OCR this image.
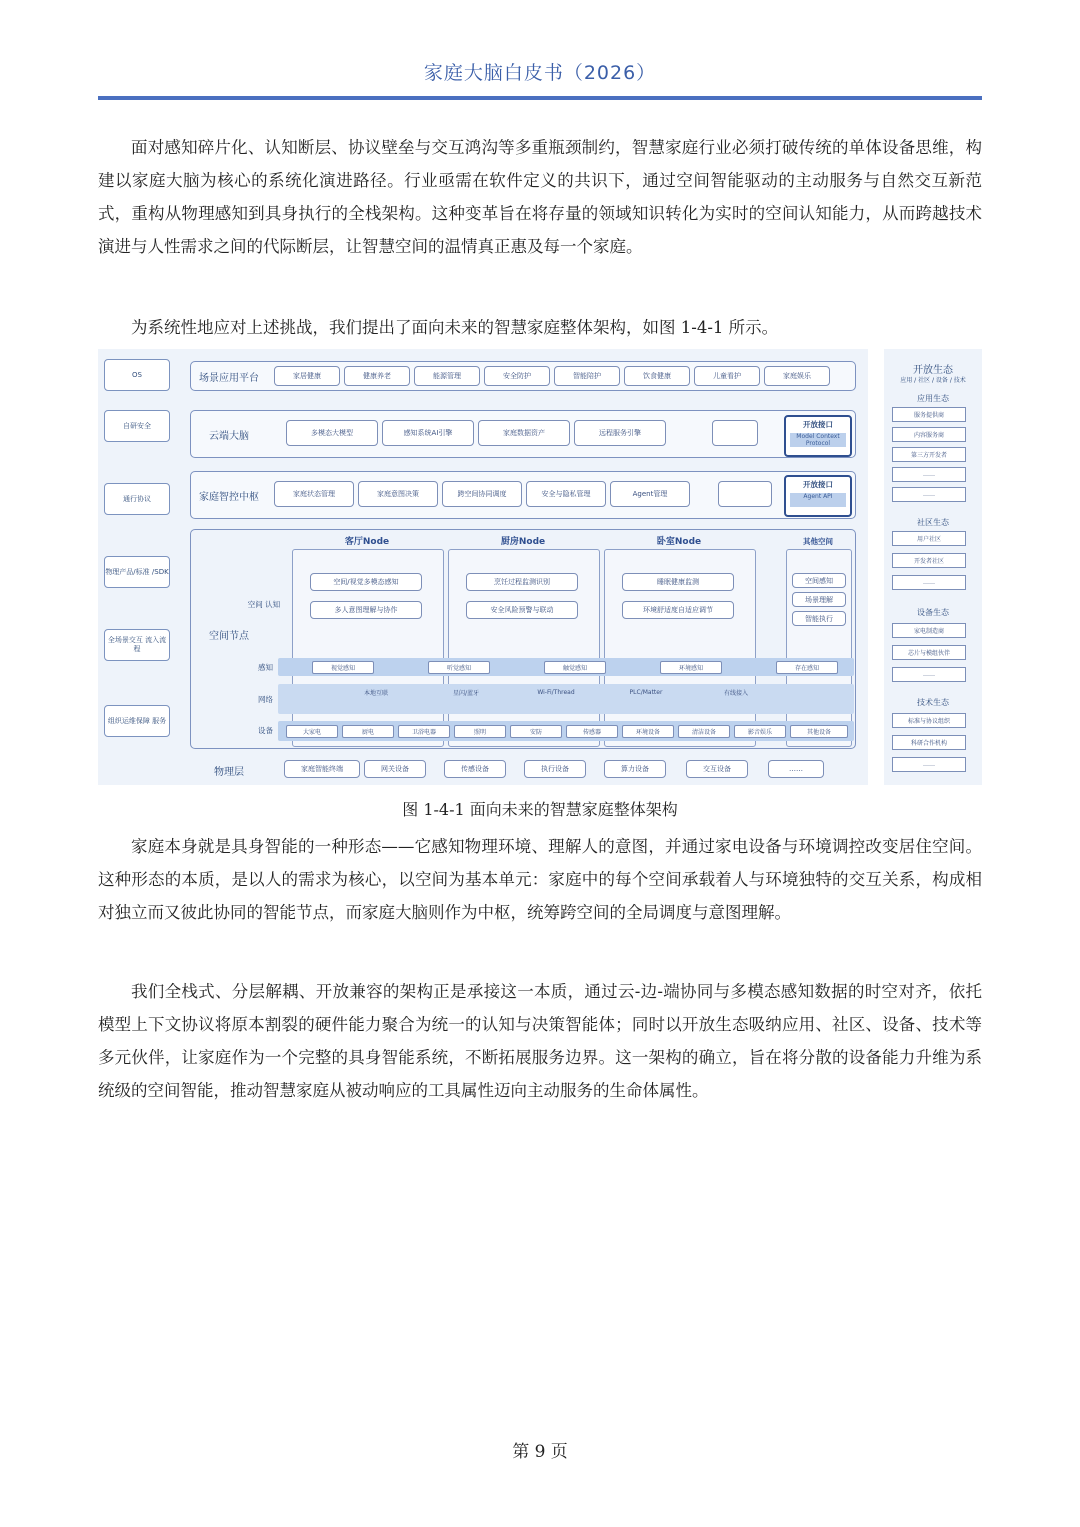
家庭大脑白皮书（2026）

面对感知碎片化、认知断层、协议壁垒与交互鸿沟等多重瓶颈制约，智慧家庭行业必须打破传统的单体设备思维，构建以家庭大脑为核心的系统化演进路径。行业亟需在软件定义的共识下，通过空间智能驱动的主动服务与自然交互新范式，重构从物理感知到具身执行的全栈架构。这种变革旨在将存量的领域知识转化为实时的空间认知能力，从而跨越技术演进与人性需求之间的代际断层，让智慧空间的温情真正惠及每一个家庭。

为系统性地应对上述挑战，我们提出了面向未来的智慧家庭整体架构，如图 1-4-1 所示。

OS
自研安全
通行协议
物理产品/标准 /SDK
全场景交互 流入流程
组织运维保障 服务
场景应用平台	家居健康	健康养老	能源管理	安全防护	智能陪护	饮食健康	儿童看护	家庭娱乐
云端大脑	多模态大模型	感知系统AI引擎	家庭数据资产	远程服务引擎
开放接口
Model Context Protocol
家庭智控中枢	家庭状态管理	家庭意图决策	跨空间协同调度	安全与隐私管理	Agent管理
开放接口
Agent API
空间节点
空间 认知
客厅Node
空间/视觉多模态感知
多人意图理解与协作
厨房Node
烹饪过程监测识别
安全风险预警与联动
卧室Node
睡眠健康监测
环境舒适度自适应调节
其他空间
空间感知
场景理解
智能执行
感知	视觉感知	听觉感知	触觉感知	环境感知	存在感知
网络
本地互联	星闪/蓝牙	Wi-Fi/Thread	PLC/Matter	有线接入
设备	大家电	厨电	卫浴电器	照明	安防	传感器	环境设备	清洁设备	影音娱乐	其他设备
物理层	家庭智能终端	网关设备	传感设备	执行设备	算力设备	交互设备	……
开放生态
应用 / 社区 / 设备 / 技术
应用生态
服务提供商
内容服务商
第三方开发者
……
……
社区生态
用户社区
开发者社区
……
设备生态
家电制造商
芯片与模组伙伴
……
技术生态
标准与协议组织
科研合作机构
……
图 1-4-1 面向未来的智慧家庭整体架构

家庭本身就是具身智能的一种形态——它感知物理环境、理解人的意图，并通过家电设备与环境调控改变居住空间。这种形态的本质，是以人的需求为核心，以空间为基本单元：家庭中的每个空间承载着人与环境独特的交互关系，构成相对独立而又彼此协同的智能节点，而家庭大脑则作为中枢，统筹跨空间的全局调度与意图理解。

我们全栈式、分层解耦、开放兼容的架构正是承接这一本质，通过云-边-端协同与多模态感知数据的时空对齐，依托模型上下文协议将原本割裂的硬件能力聚合为统一的认知与决策智能体；同时以开放生态吸纳应用、社区、设备、技术等多元伙伴，让家庭作为一个完整的具身智能系统，不断拓展服务边界。这一架构的确立，旨在将分散的设备能力升维为系统级的空间智能，推动智慧家庭从被动响应的工具属性迈向主动服务的生命体属性。

第 9 页
